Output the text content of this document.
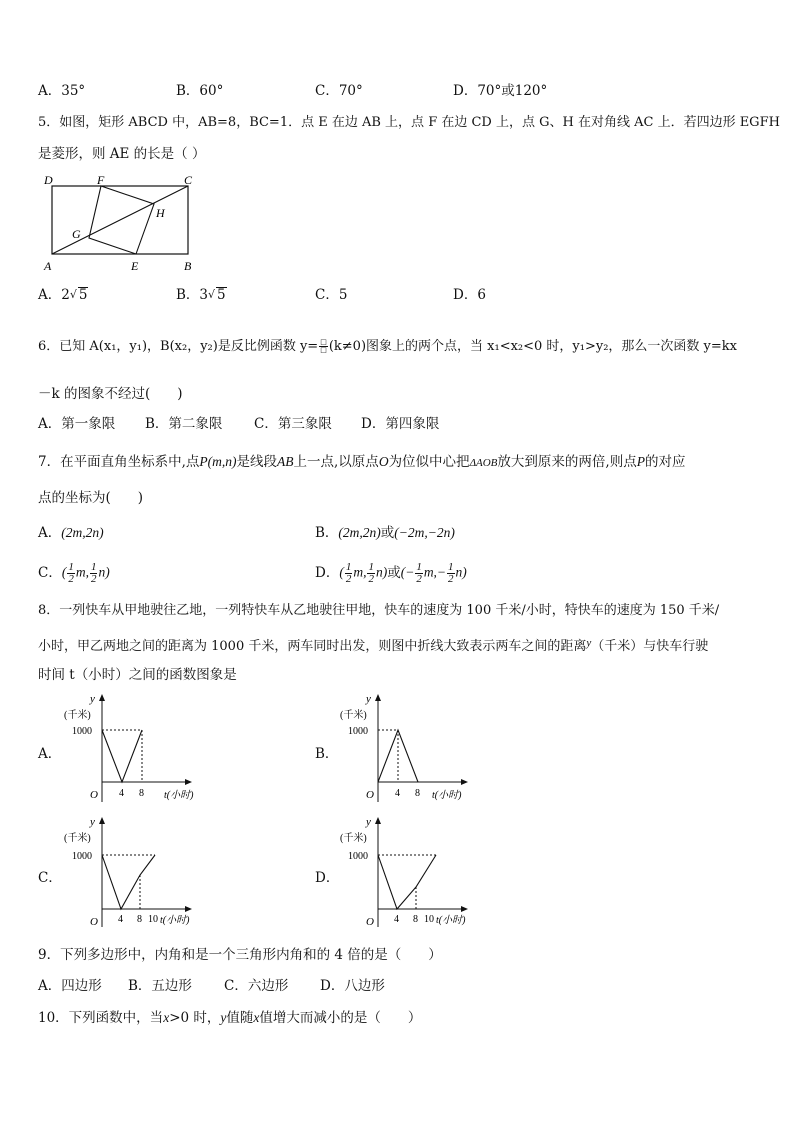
A．35°	B．60°	C．70°	D．70°或120°
5．如图，矩形 ABCD 中，AB=8，BC=1．点 E 在边 AB 上，点 F 在边 CD 上，点 G、H 在对角线 AC 上．若四边形 EGFH
是菱形，则 AE 的长是（ ）
D	F	C
H
G
A	E	B
A．2√ 5	B．3√ 5	C．5	D．6
6．已知 A(x₁，y₁)，B(x₂，y₂)是反比例函数 $y= \frac{□}{□} (k\ne 0)$图象上的两个点，当 x₁<x₂<0 时，y₁>y₂，那么一次函数 y=kx
－k 的图象不经过(　　)
A．第一象限 B．第二象限 C．第三象限 D．第四象限
7．在平面直角坐标系中,点P(m,n)是线段AB上一点,以原点O为位似中心把ΔAOB放大到原来的两倍,则点P的对应
点的坐标为(　　)
A．(2m,2n)	B．(2m,2n)或(−2m,−2n)
C． ( $\frac{1}{2} m$, $\frac{1}{2} n$)	D． ( $\frac{1}{2} m$, $\frac{1}{2} n$) 或 (− $\frac{1}{2} m,- \frac{1}{2} n$)
8．一列快车从甲地驶往乙地，一列特快车从乙地驶往甲地，快车的速度为 100 千米/小时，特快车的速度为 150 千米/
小时，甲乙两地之间的距离为 1000 千米，两车同时出发，则图中折线大致表示两车之间的距离$^y$（千米）与快车行驶
时间 t（小时）之间的函数图象是
A．
y
(千米)
1000
O 4 8 t(小时)
B．
y
(千米)
1000
O 4 8 t(小时)
C．
y
(千米)
1000
O 4 8 10 t(小时)
D．
y
(千米)
1000
O 4 8 10 t(小时)
9．下列多边形中，内角和是一个三角形内角和的 4 倍的是（　　）
A．四边形 B．五边形 C．六边形 D．八边形
10．下列函数中，当x>0 时，y值随x值增大而减小的是（　　）
